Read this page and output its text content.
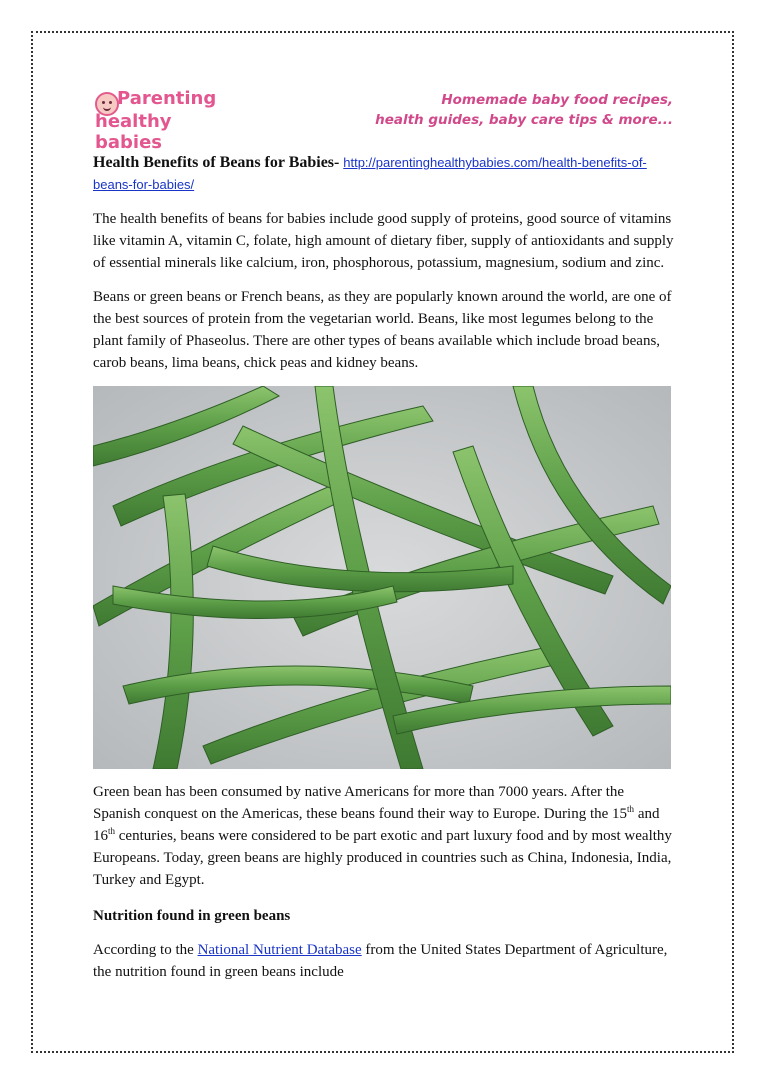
Parenting
healthy babies
Homemade baby food recipes,
health guides, baby care tips & more...

Health Benefits of Beans for Babies- http://parentinghealthybabies.com/health-benefits-of-beans-for-babies/

The health benefits of beans for babies include good supply of proteins, good source of vitamins like vitamin A, vitamin C, folate, high amount of dietary fiber, supply of antioxidants and supply of essential minerals like calcium, iron, phosphorous, potassium, magnesium, sodium and zinc.

Beans or green beans or French beans, as they are popularly known around the world, are one of the best sources of protein from the vegetarian world. Beans, like most legumes belong to the plant family of Phaseolus. There are other types of beans available which include broad beans, carob beans, lima beans, chick peas and kidney beans.

Green bean has been consumed by native Americans for more than 7000 years. After the Spanish conquest on the Americas, these beans found their way to Europe. During the 15th and 16th centuries, beans were considered to be part exotic and part luxury food and by most wealthy Europeans. Today, green beans are highly produced in countries such as China, Indonesia, India, Turkey and Egypt.

Nutrition found in green beans

According to the National Nutrient Database from the United States Department of Agriculture, the nutrition found in green beans include
